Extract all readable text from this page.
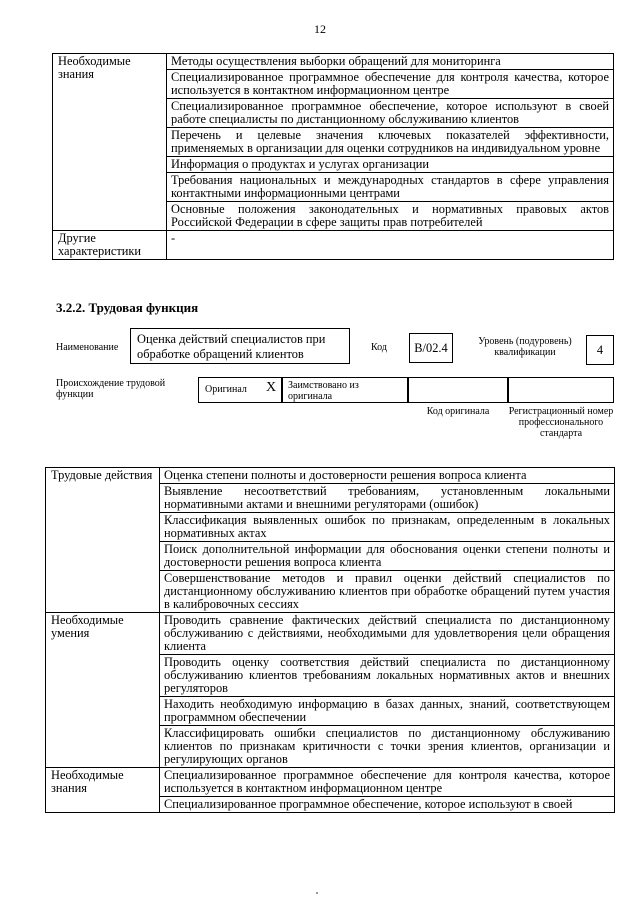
12
Необходимые знания	Методы осуществления выборки обращений для мониторинга
	Специализированное программное обеспечение для контроля качества, которое используется в контактном информационном центре
	Специализированное программное обеспечение, которое используют в своей работе специалисты по дистанционному обслуживанию клиентов
	Перечень и целевые значения ключевых показателей эффективности, применяемых в организации для оценки сотрудников на индивидуальном уровне
	Информация о продуктах и услугах организации
	Требования национальных и международных стандартов в сфере управления контактными информационными центрами
	Основные положения законодательных и нормативных правовых актов Российской Федерации в сфере защиты прав потребителей
Другие характеристики	-
3.2.2. Трудовая функция
Наименование
Оценка действий специалистов при обработке обращений клиентов	Код	B/02.4	Уровень (подуровень) квалификации	4
Происхождение трудовой функции	Оригинал X	Заимствовано из оригинала
Код оригинала	Регистрационный номер профессионального стандарта
Трудовые действия	Оценка степени полноты и достоверности решения вопроса клиента
	Выявление несоответствий требованиям, установленным локальными нормативными актами и внешними регуляторами (ошибок)
	Классификация выявленных ошибок по признакам, определенным в локальных нормативных актах
	Поиск дополнительной информации для обоснования оценки степени полноты и достоверности решения вопроса клиента
	Совершенствование методов и правил оценки действий специалистов по дистанционному обслуживанию клиентов при обработке обращений путем участия в калибровочных сессиях
Необходимые умения	Проводить сравнение фактических действий специалиста по дистанционному обслуживанию с действиями, необходимыми для удовлетворения цели обращения клиента
	Проводить оценку соответствия действий специалиста по дистанционному обслуживанию клиентов требованиям локальных нормативных актов и внешних регуляторов
	Находить необходимую информацию в базах данных, знаний, соответствующем программном обеспечении
	Классифицировать ошибки специалистов по дистанционному обслуживанию клиентов по признакам критичности с точки зрения клиентов, организации и регулирующих органов
Необходимые знания	Специализированное программное обеспечение для контроля качества, которое используется в контактном информационном центре
	Специализированное программное обеспечение, которое используют в своей
